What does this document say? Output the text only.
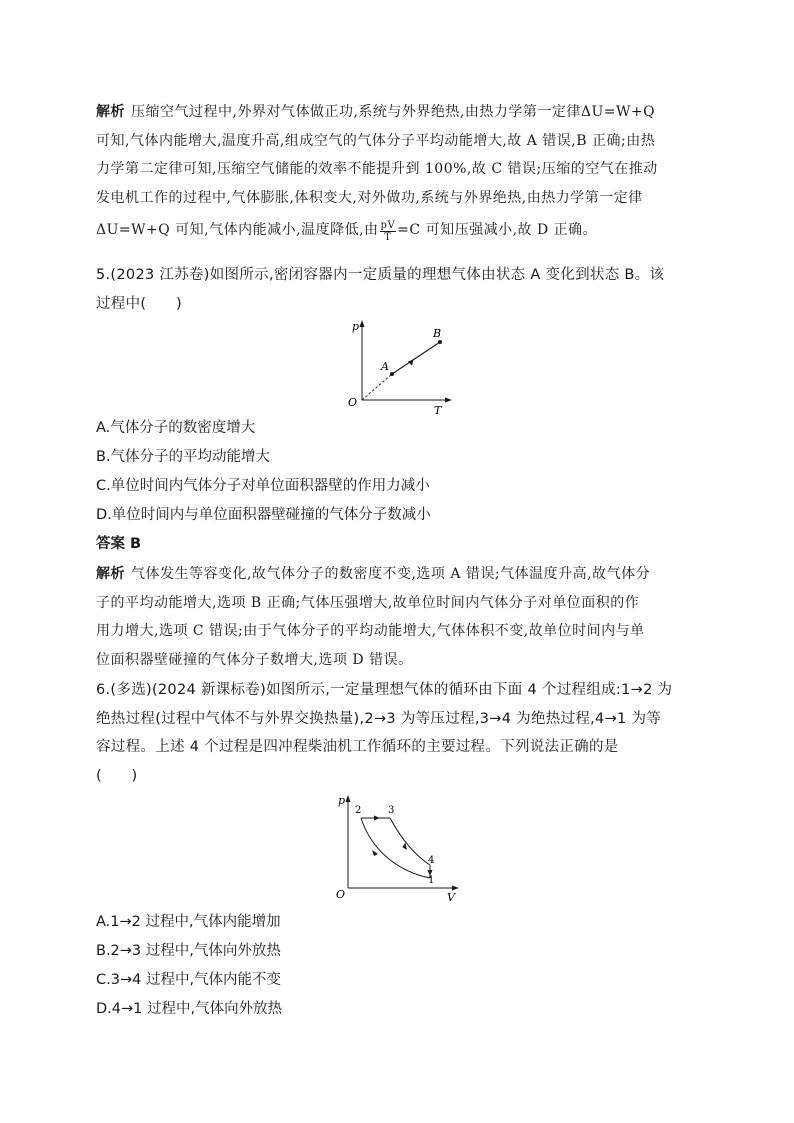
解析 压缩空气过程中,外界对气体做正功,系统与外界绝热,由热力学第一定律ΔU=W+Q
可知,气体内能增大,温度升高,组成空气的气体分子平均动能增大,故 A 错误,B 正确;由热
力学第二定律可知,压缩空气储能的效率不能提升到 100%,故 C 错误;压缩的空气在推动
发电机工作的过程中,气体膨胀,体积变大,对外做功,系统与外界绝热,由热力学第一定律
ΔU=W+Q 可知,气体内能减小,温度降低,由 $\frac{pV}{T} =C$ 可知压强减小,故 D 正确。
5.(2023 江苏卷)如图所示,密闭容器内一定质量的理想气体由状态 A 变化到状态 B。该
过程中(　　)
p
T
O
A
B
A.气体分子的数密度增大
B.气体分子的平均动能增大
C.单位时间内气体分子对单位面积器壁的作用力减小
D.单位时间内与单位面积器壁碰撞的气体分子数减小
答案 B
解析 气体发生等容变化,故气体分子的数密度不变,选项 A 错误;气体温度升高,故气体分
子的平均动能增大,选项 B 正确;气体压强增大,故单位时间内气体分子对单位面积的作
用力增大,选项 C 错误;由于气体分子的平均动能增大,气体体积不变,故单位时间内与单
位面积器壁碰撞的气体分子数增大,选项 D 错误。
6.(多选)(2024 新课标卷)如图所示,一定量理想气体的循环由下面 4 个过程组成:1→2 为
绝热过程(过程中气体不与外界交换热量),2→3 为等压过程,3→4 为绝热过程,4→1 为等
容过程。上述 4 个过程是四冲程柴油机工作循环的主要过程。下列说法正确的是
(　　)
p
V
O
1
2	3
4
A.1→2 过程中,气体内能增加
B.2→3 过程中,气体向外放热
C.3→4 过程中,气体内能不变
D.4→1 过程中,气体向外放热
